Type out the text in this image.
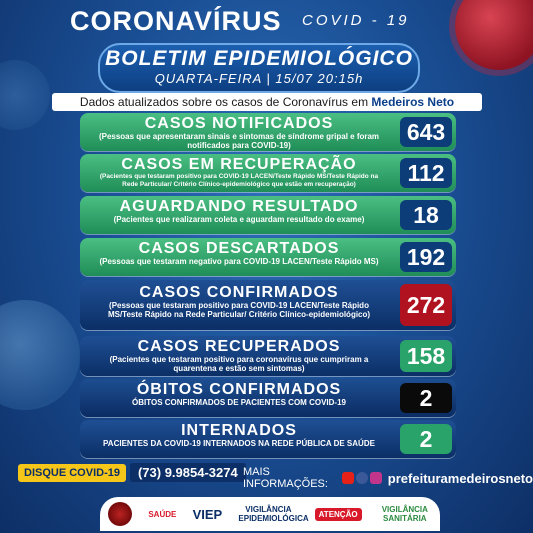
CORONAVÍRUS COVID - 19
BOLETIM EPIDEMIOLÓGICO
QUARTA-FEIRA | 15/07 20:15h
Dados atualizados sobre os casos de Coronavírus em Medeiros Neto
CASOS NOTIFICADOS
(Pessoas que apresentaram sinais e sintomas de síndrome gripal e foram notificados para COVID-19)
643
CASOS EM RECUPERAÇÃO
(Pacientes que testaram positivo para COVID-19 LACEN/Teste Rápido MS/Teste Rápido na Rede Particular/ Critério Clínico-epidemiológico que estão em recuperação)	112
AGUARDANDO RESULTADO
(Pacientes que realizaram coleta e aguardam resultado do exame)	18
CASOS DESCARTADOS
(Pessoas que testaram negativo para COVID-19 LACEN/Teste Rápido MS)	192
CASOS CONFIRMADOS
(Pessoas que testaram positivo para COVID-19 LACEN/Teste Rápido MS/Teste Rápido na Rede Particular/ Critério Clínico-epidemiológico)	272
CASOS RECUPERADOS
(Pacientes que testaram positivo para coronavírus que cumpriram a quarentena e estão sem sintomas)	158
ÓBITOS CONFIRMADOS
ÓBITOS CONFIRMADOS DE PACIENTES COM COVID-19	2
INTERNADOS
PACIENTES DA COVID-19 INTERNADOS NA REDE PÚBLICA DE SAÚDE	2
DISQUE COVID-19	(73) 9.9854-3274 MAIS INFORMAÇÕES:	prefeituramedeirosneto
SAÚDE VIEP	VIGILÂNCIA EPIDEMIOLÓGICA	ATENÇÃO	VIGILÂNCIA SANITÁRIA
